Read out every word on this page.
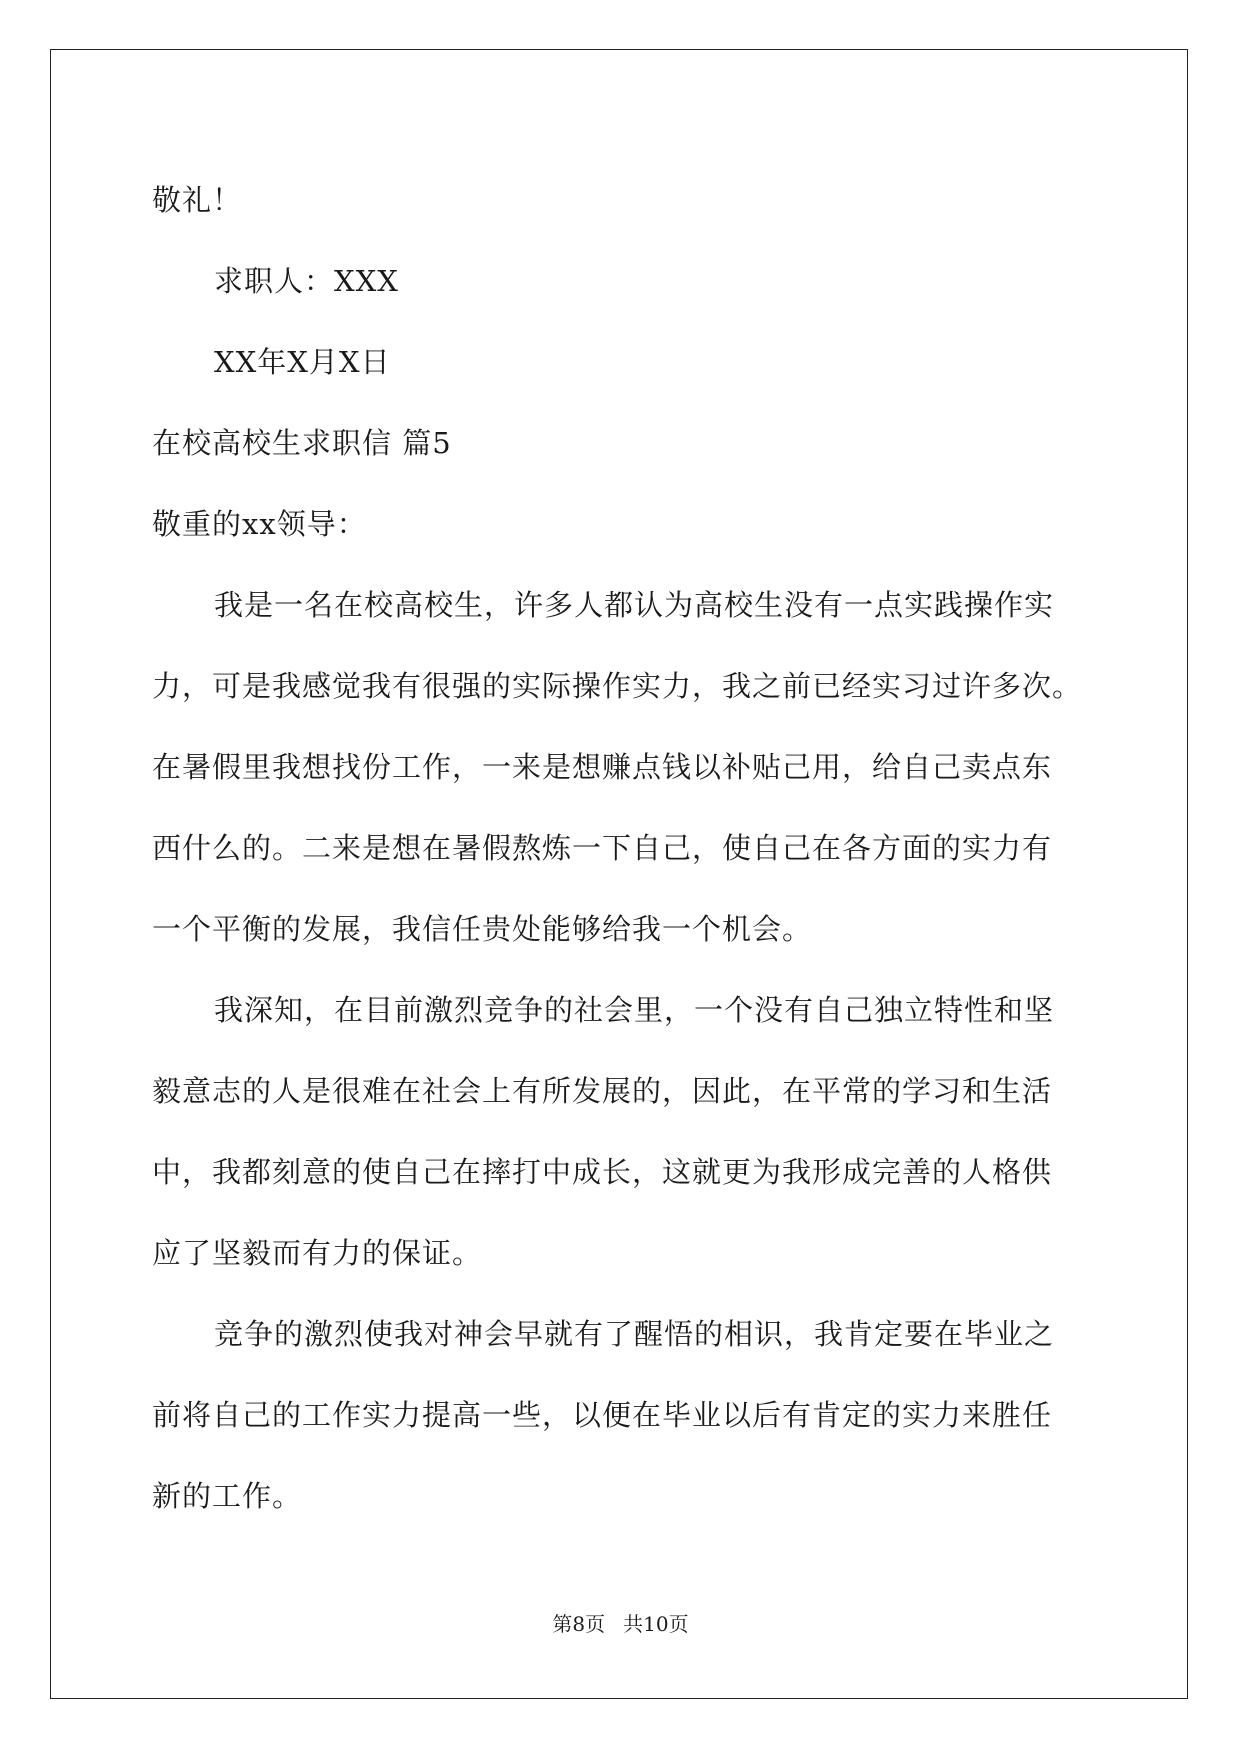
敬礼！

求职人：XXX

XX年X月X日

在校高校生求职信 篇5

敬重的xx领导：

我是一名在校高校生，许多人都认为高校生没有一点实践操作实

力，可是我感觉我有很强的实际操作实力，我之前已经实习过许多次。

在暑假里我想找份工作，一来是想赚点钱以补贴己用，给自己卖点东

西什么的。二来是想在暑假熬炼一下自己，使自己在各方面的实力有

一个平衡的发展，我信任贵处能够给我一个机会。

我深知，在目前激烈竞争的社会里，一个没有自己独立特性和坚

毅意志的人是很难在社会上有所发展的，因此，在平常的学习和生活

中，我都刻意的使自己在摔打中成长，这就更为我形成完善的人格供

应了坚毅而有力的保证。

竞争的激烈使我对神会早就有了醒悟的相识，我肯定要在毕业之

前将自己的工作实力提高一些，以便在毕业以后有肯定的实力来胜任

新的工作。

第8页 共10页
